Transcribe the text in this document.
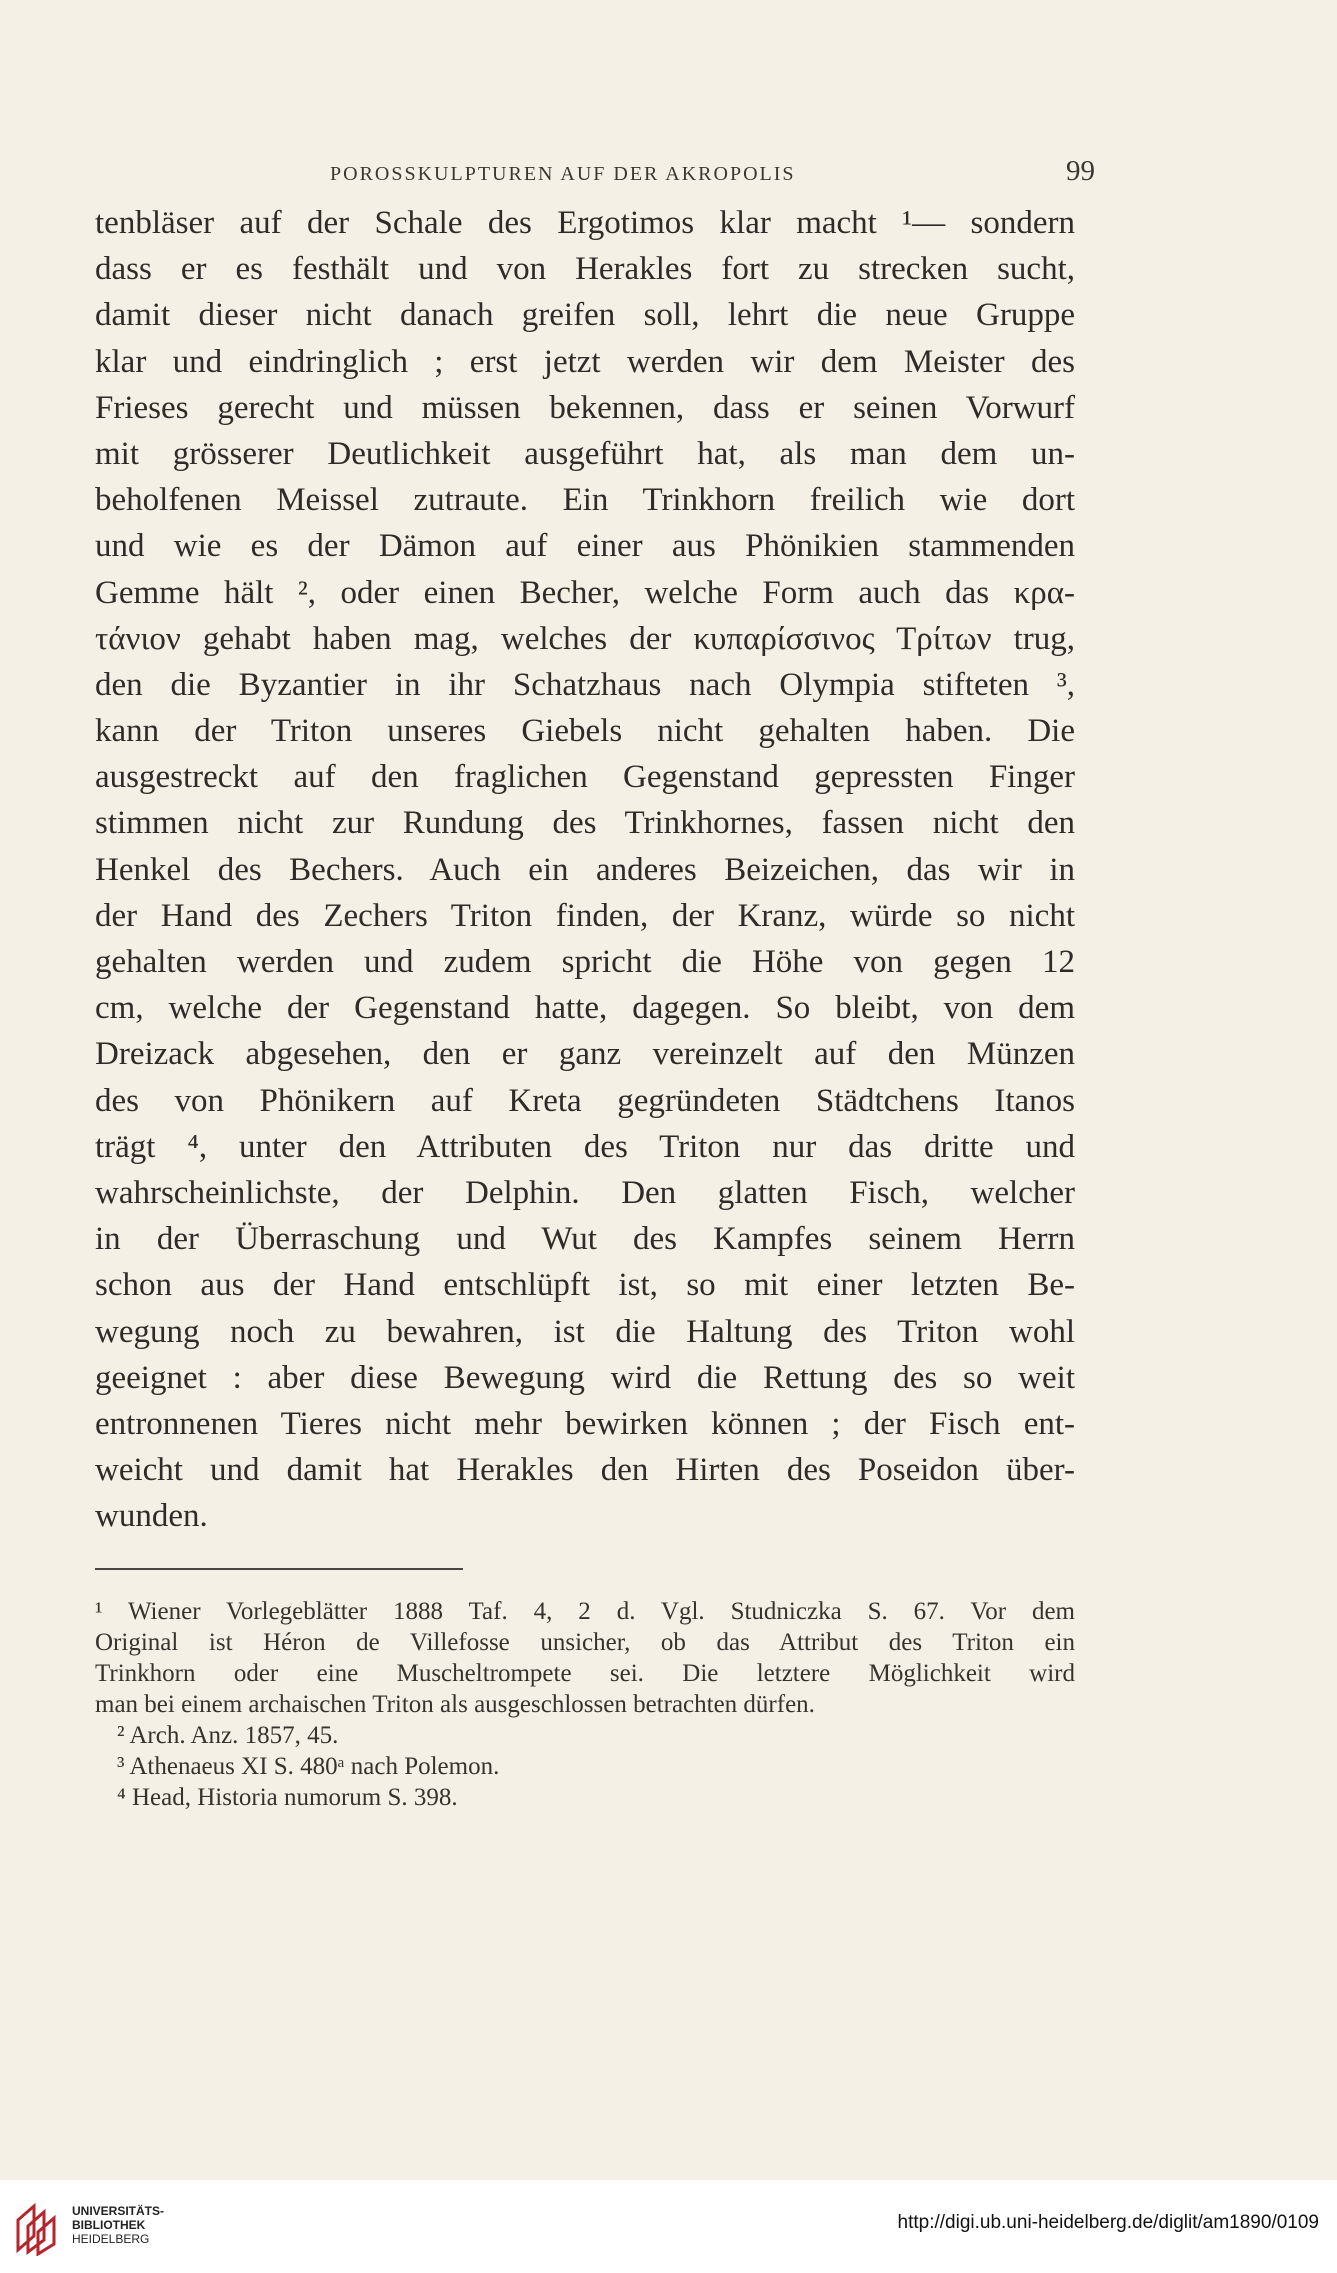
POROSSKULPTUREN AUF DER AKROPOLIS	99
tenbläser auf der Schale des Ergotimos klar macht ¹— sondern
dass er es festhält und von Herakles fort zu strecken sucht,
damit dieser nicht danach greifen soll, lehrt die neue Gruppe
klar und eindringlich ; erst jetzt werden wir dem Meister des
Frieses gerecht und müssen bekennen, dass er seinen Vorwurf
mit grösserer Deutlichkeit ausgeführt hat, als man dem un-
beholfenen Meissel zutraute. Ein Trinkhorn freilich wie dort
und wie es der Dämon auf einer aus Phönikien stammenden
Gemme hält ², oder einen Becher, welche Form auch das κρα-
τάνιον gehabt haben mag, welches der κυπαρίσσινος Τρίτων trug,
den die Byzantier in ihr Schatzhaus nach Olympia stifteten ³,
kann der Triton unseres Giebels nicht gehalten haben. Die
ausgestreckt auf den fraglichen Gegenstand gepressten Finger
stimmen nicht zur Rundung des Trinkhornes, fassen nicht den
Henkel des Bechers. Auch ein anderes Beizeichen, das wir in
der Hand des Zechers Triton finden, der Kranz, würde so nicht
gehalten werden und zudem spricht die Höhe von gegen 12
cm, welche der Gegenstand hatte, dagegen. So bleibt, von dem
Dreizack abgesehen, den er ganz vereinzelt auf den Münzen
des von Phönikern auf Kreta gegründeten Städtchens Itanos
trägt ⁴, unter den Attributen des Triton nur das dritte und
wahrscheinlichste, der Delphin. Den glatten Fisch, welcher
in der Überraschung und Wut des Kampfes seinem Herrn
schon aus der Hand entschlüpft ist, so mit einer letzten Be-
wegung noch zu bewahren, ist die Haltung des Triton wohl
geeignet : aber diese Bewegung wird die Rettung des so weit
entronnenen Tieres nicht mehr bewirken können ; der Fisch ent-
weicht und damit hat Herakles den Hirten des Poseidon über-
wunden.
¹ Wiener Vorlegeblätter 1888 Taf. 4, 2 d. Vgl. Studniczka S. 67. Vor dem
Original ist Héron de Villefosse unsicher, ob das Attribut des Triton ein
Trinkhorn oder eine Muscheltrompete sei. Die letztere Möglichkeit wird
man bei einem archaischen Triton als ausgeschlossen betrachten dürfen.
² Arch. Anz. 1857, 45.
³ Athenaeus XI S. 480ᵃ nach Polemon.
⁴ Head, Historia numorum S. 398.
UNIVERSITÄTS-
BIBLIOTHEK
HEIDELBERG
http://digi.ub.uni-heidelberg.de/diglit/am1890/0109
